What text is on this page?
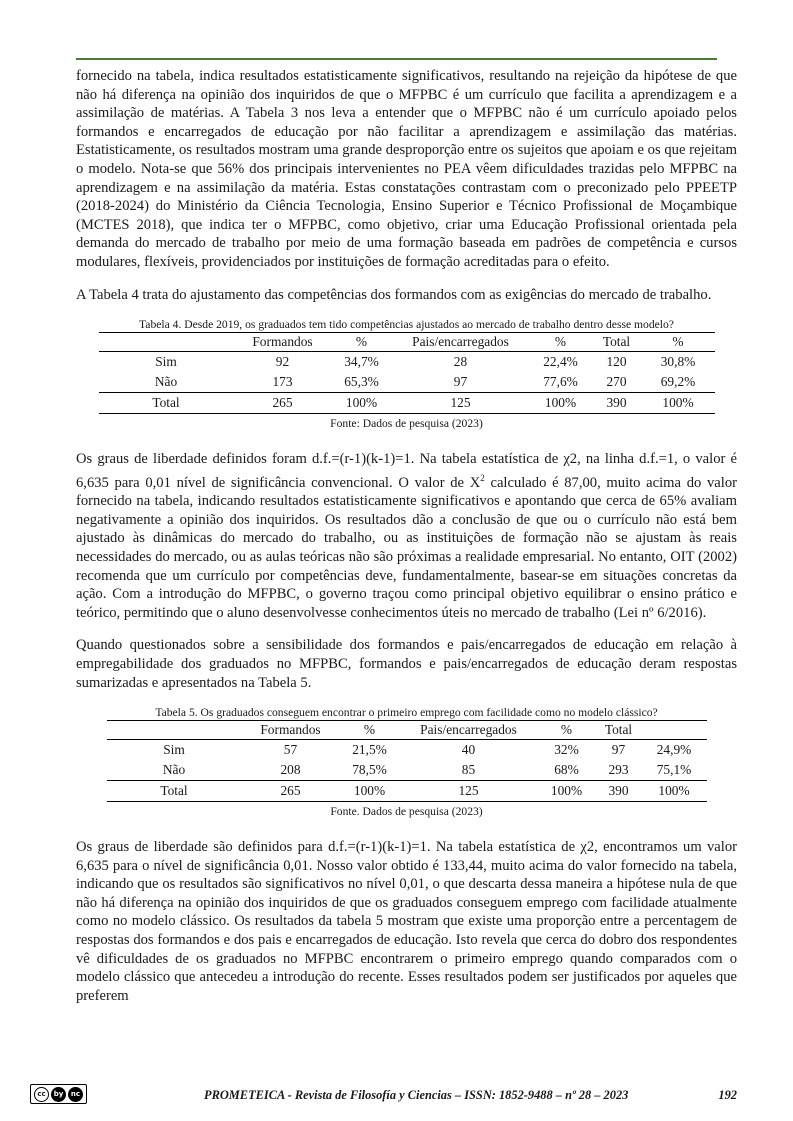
fornecido na tabela, indica resultados estatisticamente significativos, resultando na rejeição da hipótese de que não há diferença na opinião dos inquiridos de que o MFPBC é um currículo que facilita a aprendizagem e a assimilação de matérias. A Tabela 3 nos leva a entender que o MFPBC não é um currículo apoiado pelos formandos e encarregados de educação por não facilitar a aprendizagem e assimilação das matérias. Estatisticamente, os resultados mostram uma grande desproporção entre os sujeitos que apoiam e os que rejeitam o modelo. Nota-se que 56% dos principais intervenientes no PEA vêem dificuldades trazidas pelo MFPBC na aprendizagem e na assimilação da matéria. Estas constatações contrastam com o preconizado pelo PPEETP (2018-2024) do Ministério da Ciência Tecnologia, Ensino Superior e Técnico Profissional de Moçambique (MCTES 2018), que indica ter o MFPBC, como objetivo, criar uma Educação Profissional orientada pela demanda do mercado de trabalho por meio de uma formação baseada em padrões de competência e cursos modulares, flexíveis, providenciados por instituições de formação acreditadas para o efeito.

A Tabela 4 trata do ajustamento das competências dos formandos com as exigências do mercado de trabalho.

Tabela 4. Desde 2019, os graduados tem tido competências ajustados ao mercado de trabalho dentro desse modelo?
	Formandos	%	Pais/encarregados	%	Total	%
Sim	92	34,7%	28	22,4%	120	30,8%
Não	173	65,3%	97	77,6%	270	69,2%
Total	265	100%	125	100%	390	100%
Fonte: Dados de pesquisa (2023)

Os graus de liberdade definidos foram d.f.=(r-1)(k-1)=1. Na tabela estatística de χ2, na linha d.f.=1, o valor é 6,635 para 0,01 nível de significância convencional. O valor de $X^2$ calculado é 87,00, muito acima do valor fornecido na tabela, indicando resultados estatisticamente significativos e apontando que cerca de 65% avaliam negativamente a opinião dos inquiridos. Os resultados dão a conclusão de que ou o currículo não está bem ajustado às dinâmicas do mercado do trabalho, ou as instituições de formação não se ajustam às reais necessidades do mercado, ou as aulas teóricas não são próximas a realidade empresarial. No entanto, OIT (2002) recomenda que um currículo por competências deve, fundamentalmente, basear-se em situações concretas da ação. Com a introdução do MFPBC, o governo traçou como principal objetivo equilibrar o ensino prático e teórico, permitindo que o aluno desenvolvesse conhecimentos úteis no mercado de trabalho (Lei nº 6/2016).

Quando questionados sobre a sensibilidade dos formandos e pais/encarregados de educação em relação à empregabilidade dos graduados no MFPBC, formandos e pais/encarregados de educação deram respostas sumarizadas e apresentados na Tabela 5.

Tabela 5. Os graduados conseguem encontrar o primeiro emprego com facilidade como no modelo clássico?
	Formandos	%	Pais/encarregados	%	Total	
Sim	57	21,5%	40	32%	97	24,9%
Não	208	78,5%	85	68%	293	75,1%
Total	265	100%	125	100%	390	100%
Fonte. Dados de pesquisa (2023)

Os graus de liberdade são definidos para d.f.=(r-1)(k-1)=1. Na tabela estatística de χ2, encontramos um valor 6,635 para o nível de significância 0,01. Nosso valor obtido é 133,44, muito acima do valor fornecido na tabela, indicando que os resultados são significativos no nível 0,01, o que descarta dessa maneira a hipótese nula de que não há diferença na opinião dos inquiridos de que os graduados conseguem emprego com facilidade atualmente como no modelo clássico. Os resultados da tabela 5 mostram que existe uma proporção entre a percentagem de respostas dos formandos e dos pais e encarregados de educação. Isto revela que cerca do dobro dos respondentes vê dificuldades de os graduados no MFPBC encontrarem o primeiro emprego quando comparados com o modelo clássico que antecedeu a introdução do recente. Esses resultados podem ser justificados por aqueles que preferem

cc	by	nc	PROMETEICA - Revista de Filosofía y Ciencias – ISSN: 1852-9488 – nº 28 – 2023	192
